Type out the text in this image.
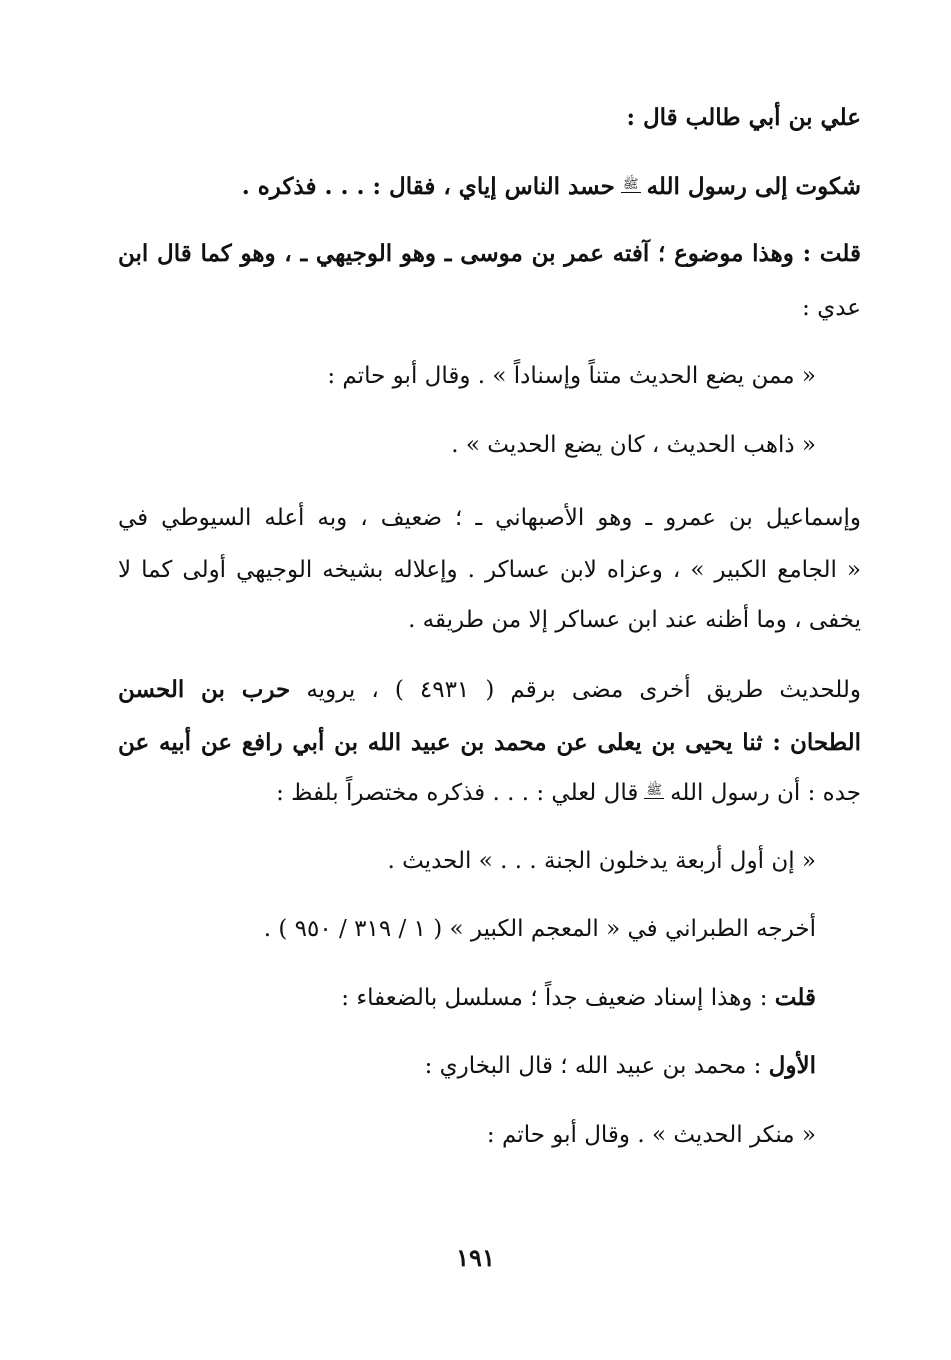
علي بن أبي طالب قال :
شكوت إلى رسول اللهﷺحسد الناس إياي ، فقال : . . . فذكره .
قلت : وهذا موضوع ؛ آفته عمر بن موسى ـ وهو الوجيهي ـ ، وهو كما قال ابن
عدي :
« ممن يضع الحديث متناً وإسناداً » . وقال أبو حاتم :
« ذاهب الحديث ، كان يضع الحديث » .
وإسماعيل بن عمرو ـ وهو الأصبهاني ـ ؛ ضعيف ، وبه أعله السيوطي في
« الجامع الكبير » ، وعزاه لابن عساكر . وإعلاله بشيخه الوجيهي أولى كما لا
يخفى ، وما أظنه عند ابن عساكر إلا من طريقه .
وللحديث طريق أخرى مضى برقم ( ٤٩٣١ ) ، يرويه حرب بن الحسن
الطحان : ثنا يحيى بن يعلى عن محمد بن عبيد الله بن أبي رافع عن أبيه عن
جده : أن رسول اللهﷺقال لعلي : . . . فذكره مختصراً بلفظ :
« إن أول أربعة يدخلون الجنة . . . » الحديث .
أخرجه الطبراني في « المعجم الكبير » ( ١ / ٣١٩ / ٩٥٠ ) .
قلت : وهذا إسناد ضعيف جداً ؛ مسلسل بالضعفاء :
الأول : محمد بن عبيد الله ؛ قال البخاري :
« منكر الحديث » . وقال أبو حاتم :
١٩١
